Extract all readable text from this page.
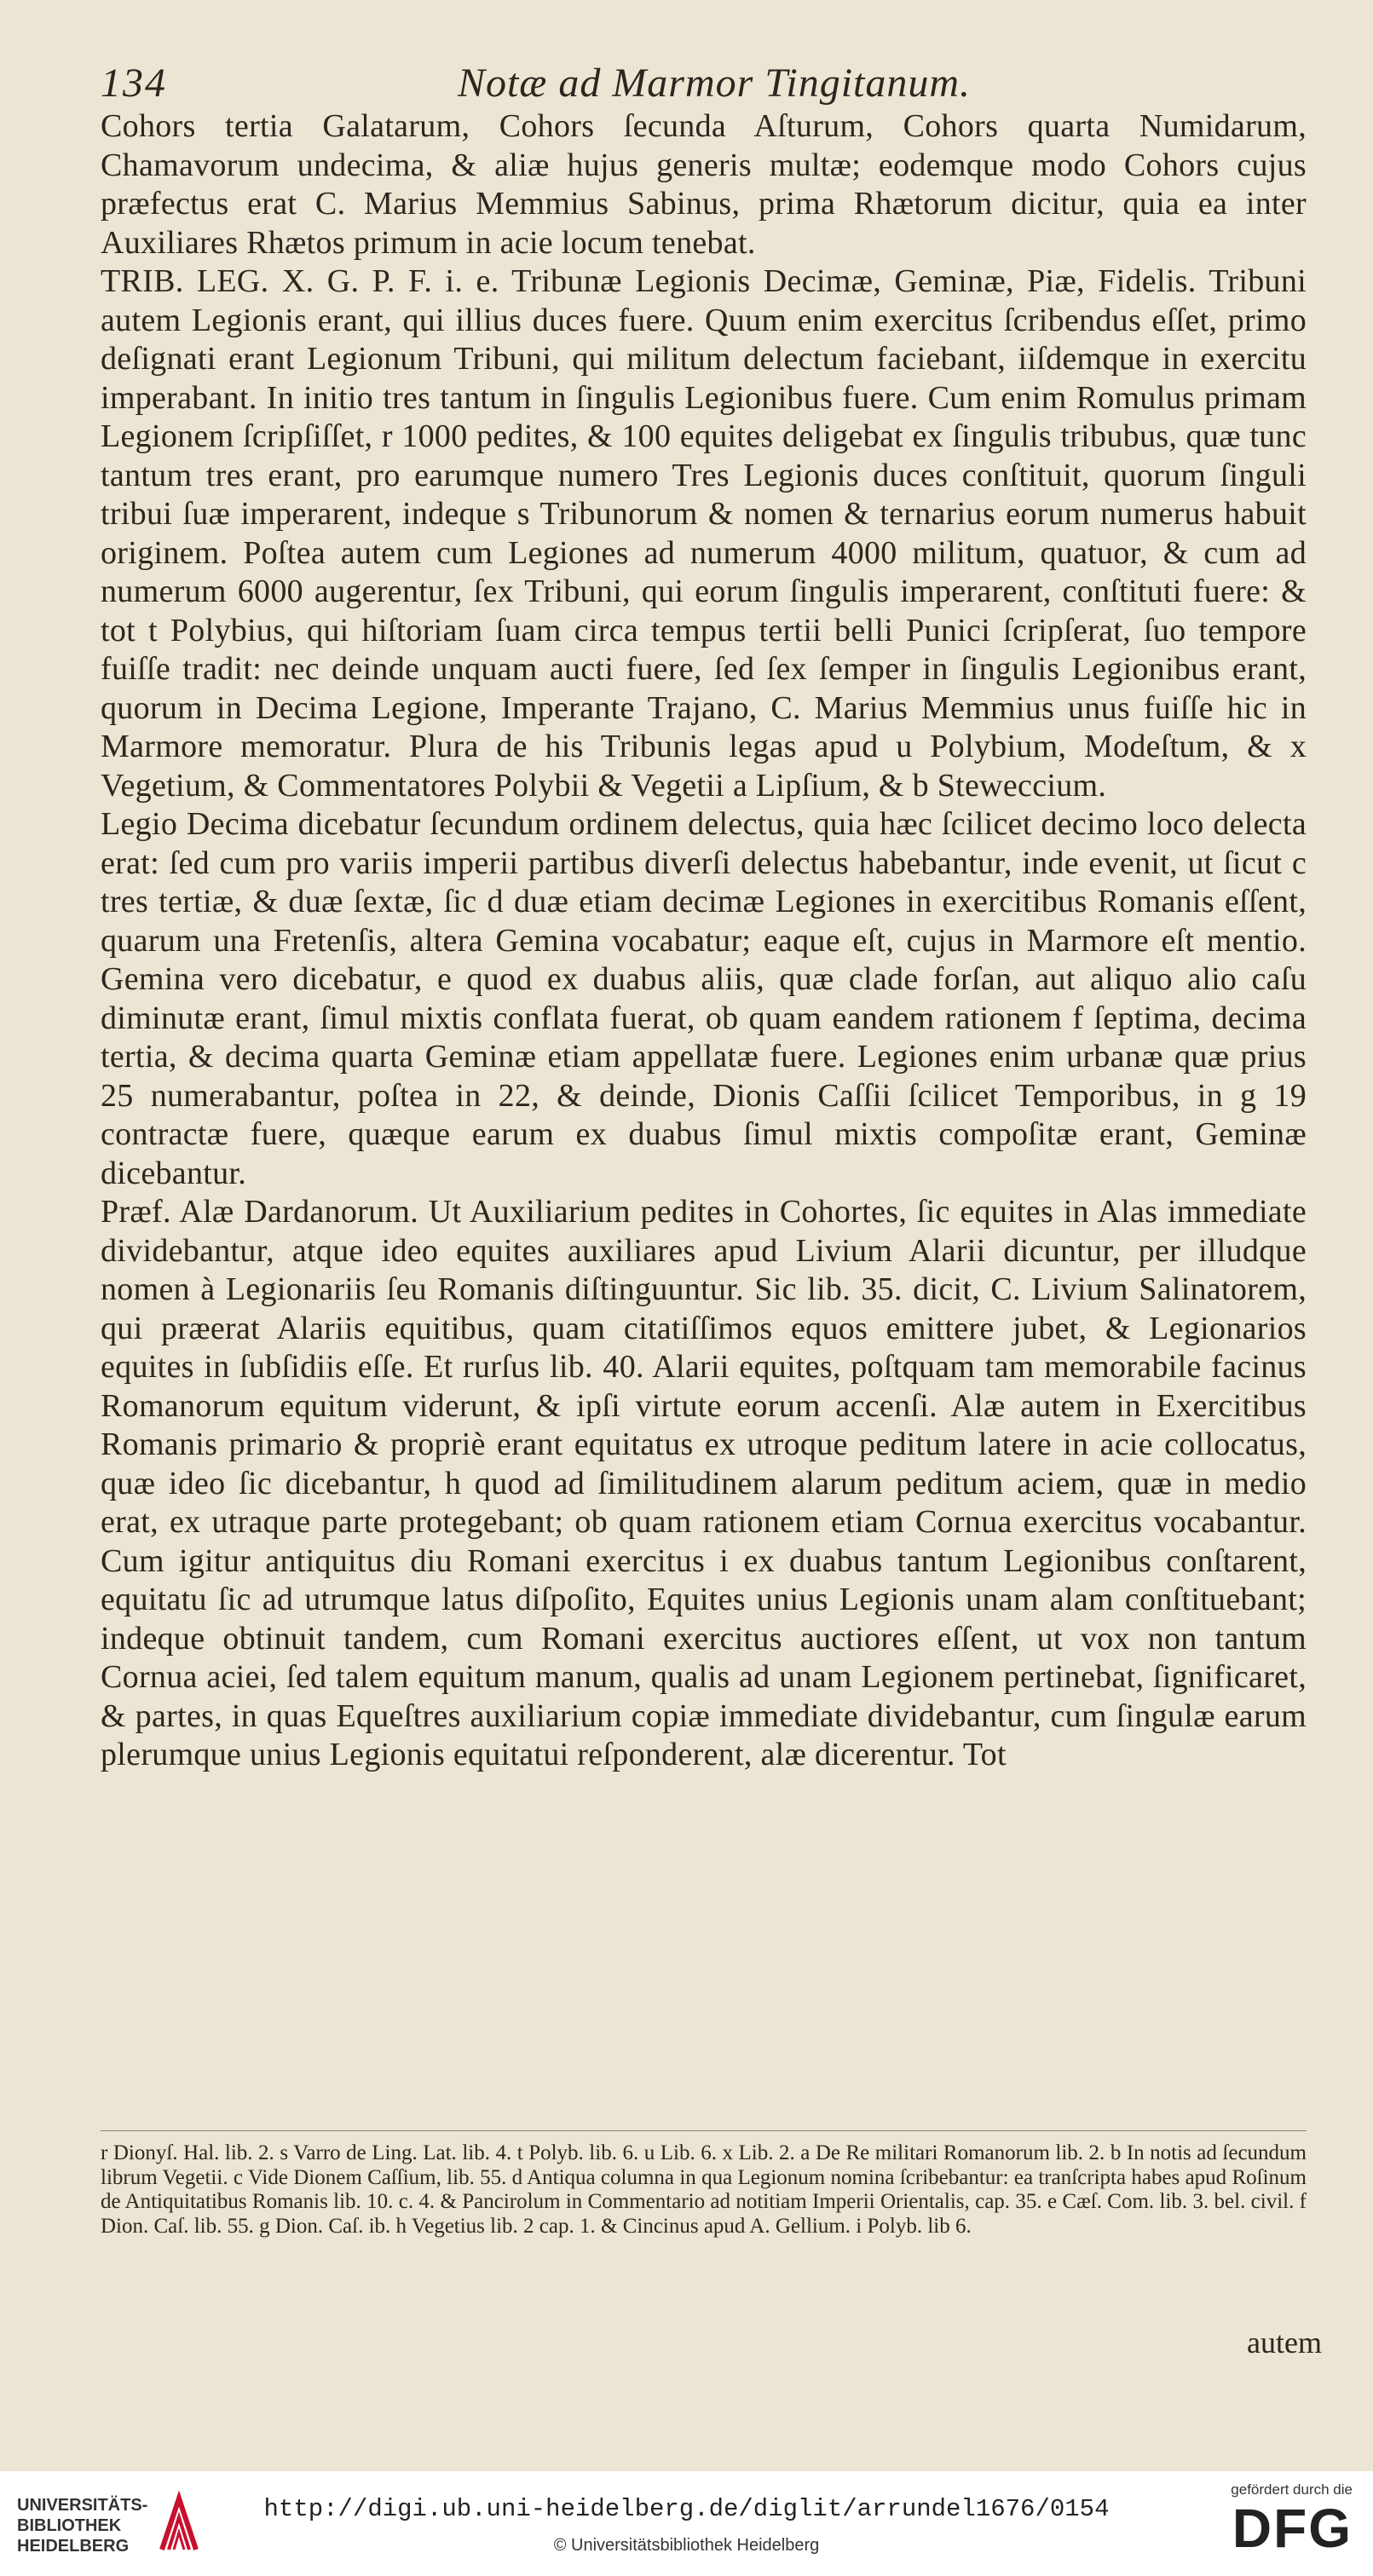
134	Notæ ad Marmor Tingitanum.

Cohors tertia Galatarum, Cohors ſecunda Aſturum, Cohors quarta Numidarum, Chamavorum undecima, & aliæ hujus generis multæ; eodemque modo Cohors cujus præfectus erat C. Marius Memmius Sabinus, prima Rhætorum dicitur, quia ea inter Auxiliares Rhætos primum in acie locum tenebat.

TRIB. LEG. X. G. P. F. i. e. Tribunæ Legionis Decimæ, Geminæ, Piæ, Fidelis. Tribuni autem Legionis erant, qui illius duces fuere. Quum enim exercitus ſcribendus eſſet, primo deſignati erant Legionum Tribuni, qui militum delectum faciebant, iiſdemque in exercitu imperabant. In initio tres tantum in ſingulis Legionibus fuere. Cum enim Romulus primam Legionem ſcripſiſſet, r 1000 pedites, & 100 equites deligebat ex ſingulis tribubus, quæ tunc tantum tres erant, pro earumque numero Tres Legionis duces conſtituit, quorum ſinguli tribui ſuæ imperarent, indeque s Tribunorum & nomen & ternarius eorum numerus habuit originem. Poſtea autem cum Legiones ad numerum 4000 militum, quatuor, & cum ad numerum 6000 augerentur, ſex Tribuni, qui eorum ſingulis imperarent, conſtituti fuere: & tot t Polybius, qui hiſtoriam ſuam circa tempus tertii belli Punici ſcripſerat, ſuo tempore fuiſſe tradit: nec deinde unquam aucti fuere, ſed ſex ſemper in ſingulis Legionibus erant, quorum in Decima Legione, Imperante Trajano, C. Marius Memmius unus fuiſſe hic in Marmore memoratur. Plura de his Tribunis legas apud u Polybium, Modeſtum, & x Vegetium, & Commentatores Polybii & Vegetii a Lipſium, & b Steweccium.

Legio Decima dicebatur ſecundum ordinem delectus, quia hæc ſcilicet decimo loco delecta erat: ſed cum pro variis imperii partibus diverſi delectus habebantur, inde evenit, ut ſicut c tres tertiæ, & duæ ſextæ, ſic d duæ etiam decimæ Legiones in exercitibus Romanis eſſent, quarum una Fretenſis, altera Gemina vocabatur; eaque eſt, cujus in Marmore eſt mentio. Gemina vero dicebatur, e quod ex duabus aliis, quæ clade forſan, aut aliquo alio caſu diminutæ erant, ſimul mixtis conflata fuerat, ob quam eandem rationem f ſeptima, decima tertia, & decima quarta Geminæ etiam appellatæ fuere. Legiones enim urbanæ quæ prius 25 numerabantur, poſtea in 22, & deinde, Dionis Caſſii ſcilicet Temporibus, in g 19 contractæ fuere, quæque earum ex duabus ſimul mixtis compoſitæ erant, Geminæ dicebantur.

Præf. Alæ Dardanorum. Ut Auxiliarium pedites in Cohortes, ſic equites in Alas immediate dividebantur, atque ideo equites auxiliares apud Livium Alarii dicuntur, per illudque nomen à Legionariis ſeu Romanis diſtinguuntur. Sic lib. 35. dicit, C. Livium Salinatorem, qui præerat Alariis equitibus, quam citatiſſimos equos emittere jubet, & Legionarios equites in ſubſidiis eſſe. Et rurſus lib. 40. Alarii equites, poſtquam tam memorabile facinus Romanorum equitum viderunt, & ipſi virtute eorum accenſi. Alæ autem in Exercitibus Romanis primario & propriè erant equitatus ex utroque peditum latere in acie collocatus, quæ ideo ſic dicebantur, h quod ad ſimilitudinem alarum peditum aciem, quæ in medio erat, ex utraque parte protegebant; ob quam rationem etiam Cornua exercitus vocabantur. Cum igitur antiquitus diu Romani exercitus i ex duabus tantum Legionibus conſtarent, equitatu ſic ad utrumque latus diſpoſito, Equites unius Legionis unam alam conſtituebant; indeque obtinuit tandem, cum Romani exercitus auctiores eſſent, ut vox non tantum Cornua aciei, ſed talem equitum manum, qualis ad unam Legionem pertinebat, ſignificaret, & partes, in quas Equeſtres auxiliarium copiæ immediate dividebantur, cum ſingulæ earum plerumque unius Legionis equitatui reſponderent, alæ dicerentur. Tot

r Dionyſ. Hal. lib. 2. s Varro de Ling. Lat. lib. 4. t Polyb. lib. 6. u Lib. 6. x Lib. 2. a De Re militari Romanorum lib. 2. b In notis ad ſecundum librum Vegetii. c Vide Dionem Caſſium, lib. 55. d Antiqua columna in qua Legionum nomina ſcribebantur: ea tranſcripta habes apud Roſinum de Antiquitatibus Romanis lib. 10. c. 4. & Pancirolum in Commentario ad notitiam Imperii Orientalis, cap. 35. e Cæſ. Com. lib. 3. bel. civil. f Dion. Caſ. lib. 55. g Dion. Caſ. ib. h Vegetius lib. 2 cap. 1. & Cincinus apud A. Gellium. i Polyb. lib 6.

autem
UNIVERSITÄTS-
BIBLIOTHEK
HEIDELBERG
http://digi.ub.uni-heidelberg.de/diglit/arrundel1676/0154
© Universitätsbibliothek Heidelberg
gefördert durch die
DFG
